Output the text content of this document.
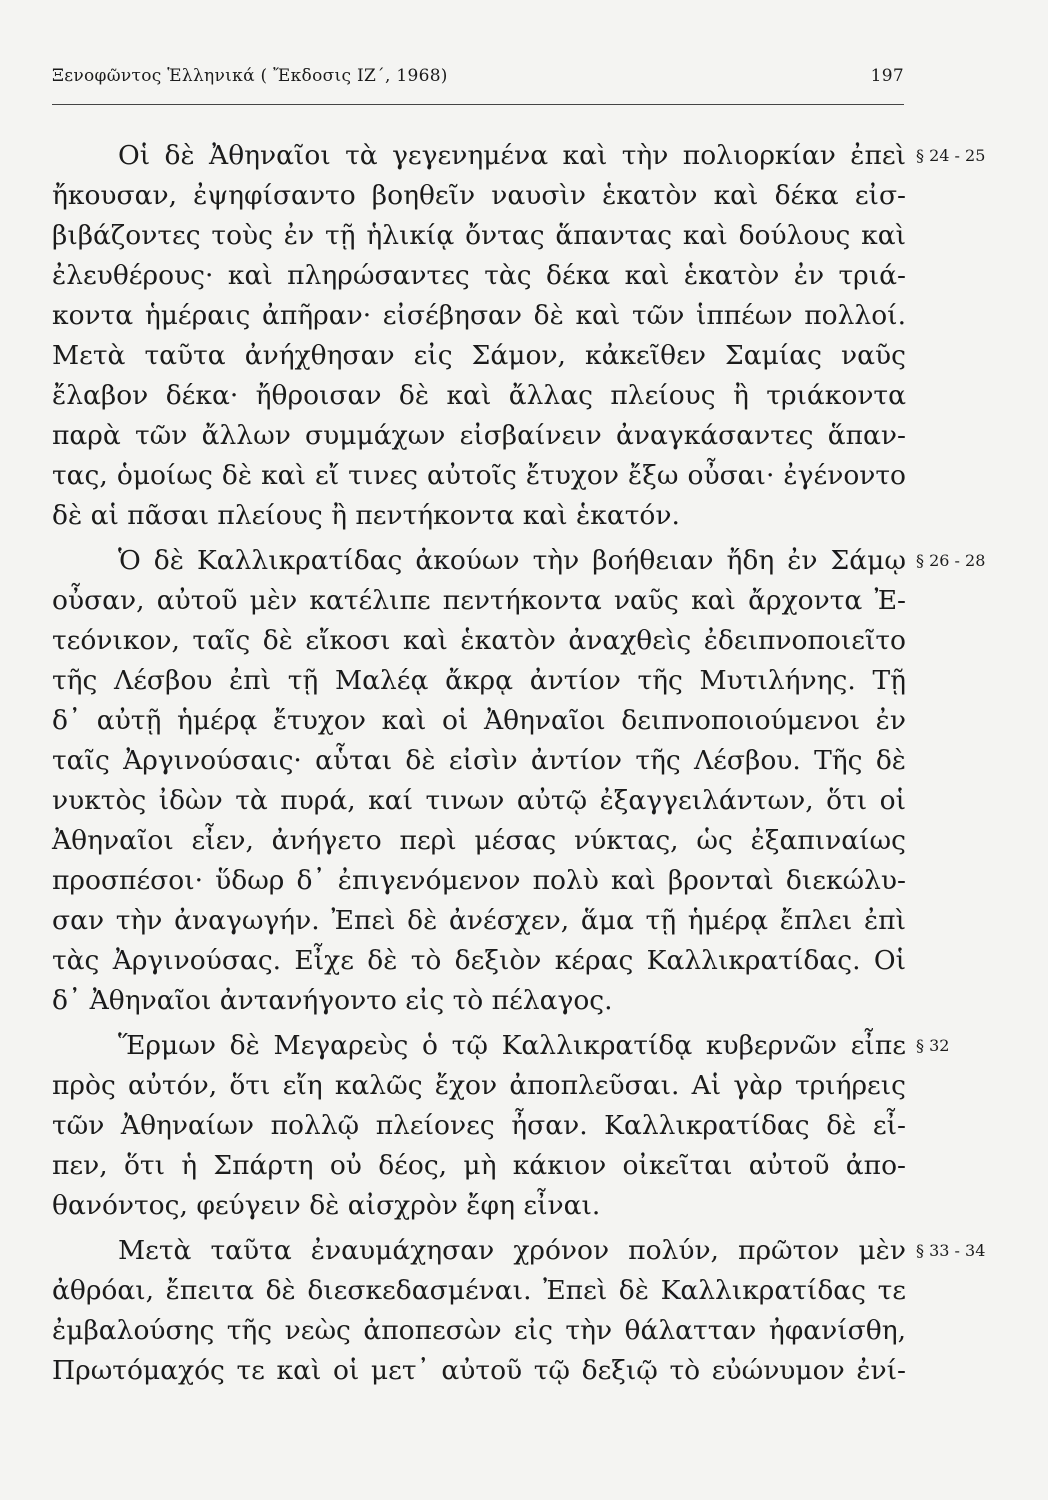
Ξενοφῶντος Ἑλληνικά ( Ἔκδοσις ΙΖ΄, 1968)	197
Οἱ δὲ Ἀθηναῖοι τὰ γεγενημένα καὶ τὴν πολιορκίαν ἐπεὶ
ἤκουσαν, ἐψηφίσαντο βοηθεῖν ναυσὶν ἑκατὸν καὶ δέκα εἰσ-
βιβάζοντες τοὺς ἐν τῇ ἡλικίᾳ ὄντας ἅπαντας καὶ δούλους καὶ
ἐλευθέρους· καὶ πληρώσαντες τὰς δέκα καὶ ἑκατὸν ἐν τριά-
κοντα ἡμέραις ἀπῆραν· εἰσέβησαν δὲ καὶ τῶν ἱππέων πολλοί.
Μετὰ ταῦτα ἀνήχθησαν εἰς Σάμον, κἀκεῖθεν Σαμίας ναῦς
ἔλαβον δέκα· ἤθροισαν δὲ καὶ ἄλλας πλείους ἢ τριάκοντα
παρὰ τῶν ἄλλων συμμάχων εἰσβαίνειν ἀναγκάσαντες ἅπαν-
τας, ὁμοίως δὲ καὶ εἴ τινες αὐτοῖς ἔτυχον ἔξω οὖσαι· ἐγένοντο
δὲ αἱ πᾶσαι πλείους ἢ πεντήκοντα καὶ ἑκατόν.
Ὁ δὲ Καλλικρατίδας ἀκούων τὴν βοήθειαν ἤδη ἐν Σάμῳ
οὖσαν, αὐτοῦ μὲν κατέλιπε πεντήκοντα ναῦς καὶ ἄρχοντα Ἐ-
τεόνικον, ταῖς δὲ εἴκοσι καὶ ἑκατὸν ἀναχθεὶς ἐδειπνοποιεῖτο
τῆς Λέσβου ἐπὶ τῇ Μαλέᾳ ἄκρᾳ ἀντίον τῆς Μυτιλήνης. Τῇ
δ᾽ αὐτῇ ἡμέρᾳ ἔτυχον καὶ οἱ Ἀθηναῖοι δειπνοποιούμενοι ἐν
ταῖς Ἀργινούσαις· αὗται δὲ εἰσὶν ἀντίον τῆς Λέσβου. Τῆς δὲ
νυκτὸς ἰδὼν τὰ πυρά, καί τινων αὐτῷ ἐξαγγειλάντων, ὅτι οἱ
Ἀθηναῖοι εἶεν, ἀνήγετο περὶ μέσας νύκτας, ὡς ἐξαπιναίως
προσπέσοι· ὕδωρ δ᾽ ἐπιγενόμενον πολὺ καὶ βρονταὶ διεκώλυ-
σαν τὴν ἀναγωγήν. Ἐπεὶ δὲ ἀνέσχεν, ἅμα τῇ ἡμέρᾳ ἔπλει ἐπὶ
τὰς Ἀργινούσας. Εἶχε δὲ τὸ δεξιὸν κέρας Καλλικρατίδας. Οἱ
δ᾽ Ἀθηναῖοι ἀντανήγοντο εἰς τὸ πέλαγος.
Ἕρμων δὲ Μεγαρεὺς ὁ τῷ Καλλικρατίδᾳ κυβερνῶν εἶπε
πρὸς αὐτόν, ὅτι εἴη καλῶς ἔχον ἀποπλεῦσαι. Αἱ γὰρ τριήρεις
τῶν Ἀθηναίων πολλῷ πλείονες ἦσαν. Καλλικρατίδας δὲ εἶ-
πεν, ὅτι ἡ Σπάρτη οὐ δέος, μὴ κάκιον οἰκεῖται αὐτοῦ ἀπο-
θανόντος, φεύγειν δὲ αἰσχρὸν ἔφη εἶναι.
Μετὰ ταῦτα ἐναυμάχησαν χρόνον πολύν, πρῶτον μὲν
ἀθρόαι, ἔπειτα δὲ διεσκεδασμέναι. Ἐπεὶ δὲ Καλλικρατίδας τε
ἐμβαλούσης τῆς νεὼς ἀποπεσὼν εἰς τὴν θάλατταν ἠφανίσθη,
Πρωτόμαχός τε καὶ οἱ μετ᾽ αὐτοῦ τῷ δεξιῷ τὸ εὐώνυμον ἐνί-
§ 24 - 25
§ 26 - 28
§ 32
§ 33 - 34
